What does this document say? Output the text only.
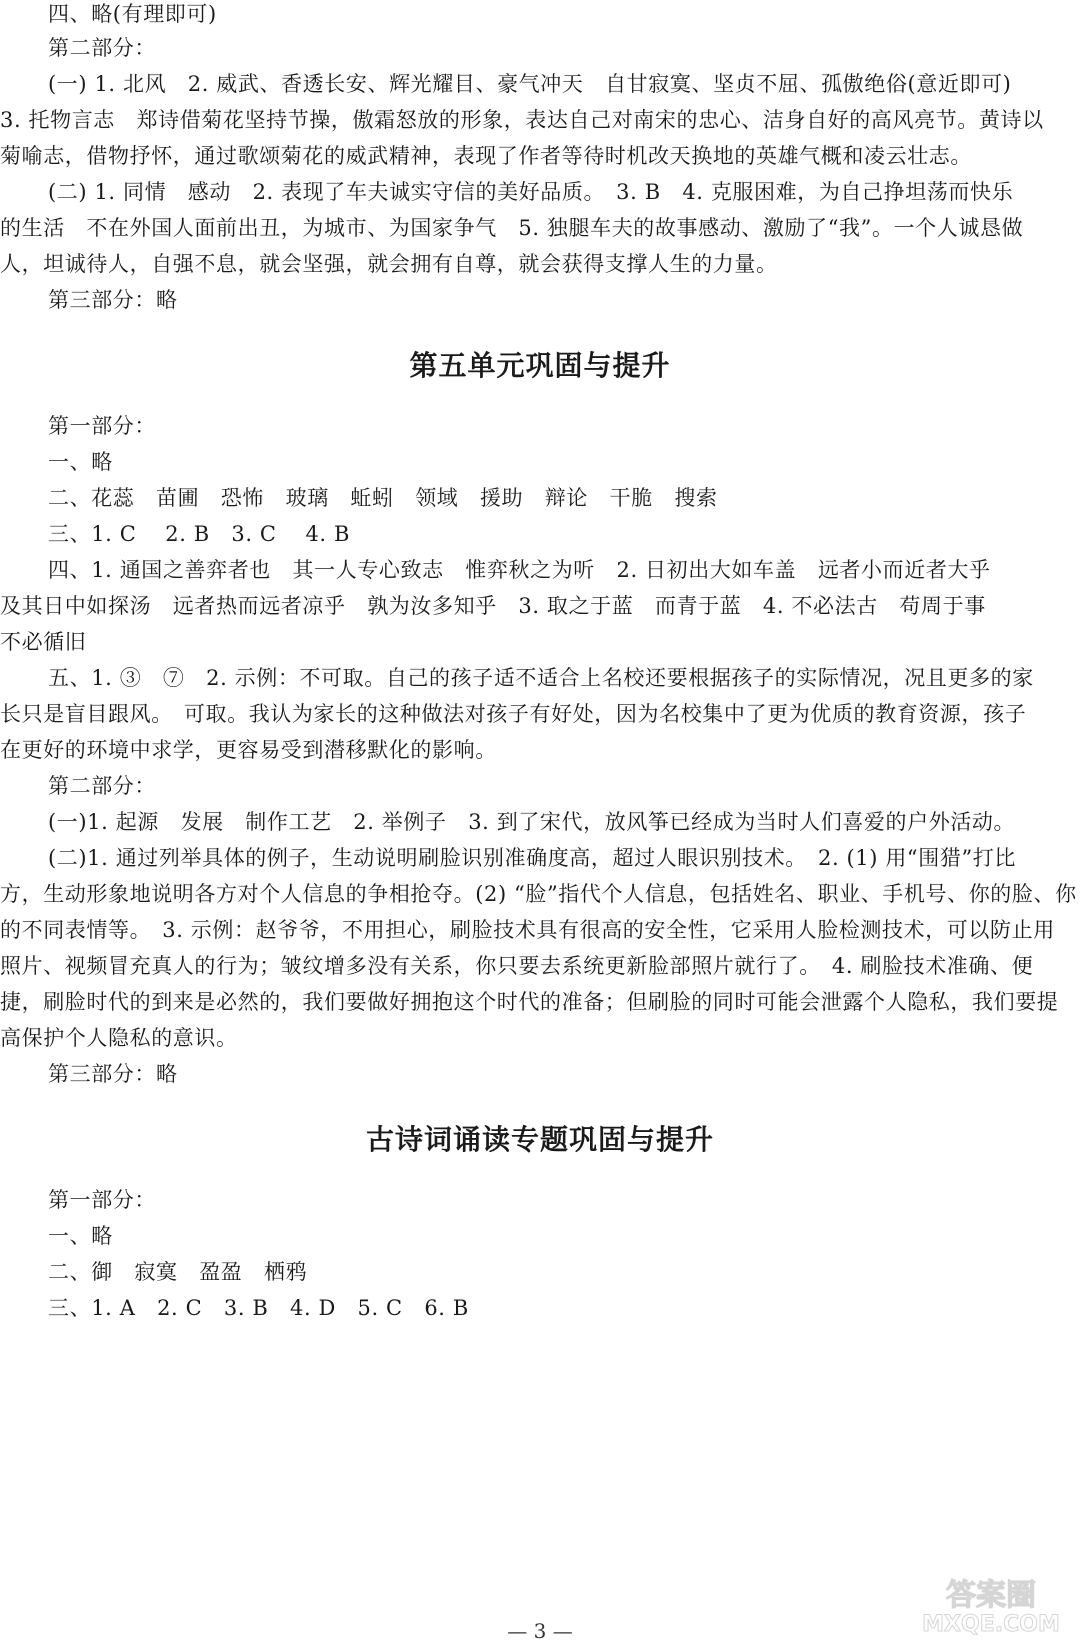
四、略(有理即可)
第二部分：
(一) 1. 北风　2. 威武、香透长安、辉光耀目、豪气冲天　自甘寂寞、坚贞不屈、孤傲绝俗(意近即可)
3. 托物言志　郑诗借菊花坚持节操，傲霜怒放的形象，表达自己对南宋的忠心、洁身自好的高风亮节。黄诗以
菊喻志，借物抒怀，通过歌颂菊花的威武精神，表现了作者等待时机改天换地的英雄气概和凌云壮志。
(二) 1. 同情　感动　2. 表现了车夫诚实守信的美好品质。　3. B　4. 克服困难，为自己挣坦荡而快乐
的生活　不在外国人面前出丑，为城市、为国家争气　5. 独腿车夫的故事感动、激励了“我”。一个人诚恳做
人，坦诚待人，自强不息，就会坚强，就会拥有自尊，就会获得支撑人生的力量。
第三部分：略
第五单元巩固与提升
第一部分：
一、略
二、花蕊　苗圃　恐怖　玻璃　蚯蚓　领域　援助　辩论　干脆　搜索
三、1. C　 2. B　3. C　 4. B
四、1. 通国之善弈者也　其一人专心致志　惟弈秋之为听　2. 日初出大如车盖　远者小而近者大乎
及其日中如探汤　远者热而远者凉乎　孰为汝多知乎　3. 取之于蓝　而青于蓝　4. 不必法古　苟周于事
不必循旧
五、1. ③　⑦　2. 示例：不可取。自己的孩子适不适合上名校还要根据孩子的实际情况，况且更多的家
长只是盲目跟风。　可取。我认为家长的这种做法对孩子有好处，因为名校集中了更为优质的教育资源，孩子
在更好的环境中求学，更容易受到潜移默化的影响。
第二部分：
(一)1. 起源　发展　制作工艺　2. 举例子　3. 到了宋代，放风筝已经成为当时人们喜爱的户外活动。
(二)1. 通过列举具体的例子，生动说明刷脸识别准确度高，超过人眼识别技术。　2. (1) 用“围猎”打比
方，生动形象地说明各方对个人信息的争相抢夺。(2) “脸”指代个人信息，包括姓名、职业、手机号、你的脸、你
的不同表情等。　3. 示例：赵爷爷，不用担心，刷脸技术具有很高的安全性，它采用人脸检测技术，可以防止用
照片、视频冒充真人的行为；皱纹增多没有关系，你只要去系统更新脸部照片就行了。　4. 刷脸技术准确、便
捷，刷脸时代的到来是必然的，我们要做好拥抱这个时代的准备；但刷脸的同时可能会泄露个人隐私，我们要提
高保护个人隐私的意识。
第三部分：略
古诗词诵读专题巩固与提升
第一部分：
一、略
二、御　寂寞　盈盈　栖鸦
三、1. A　2. C　3. B　4. D　5. C　6. B
— 3 —
答案圈
MXQE.COM
